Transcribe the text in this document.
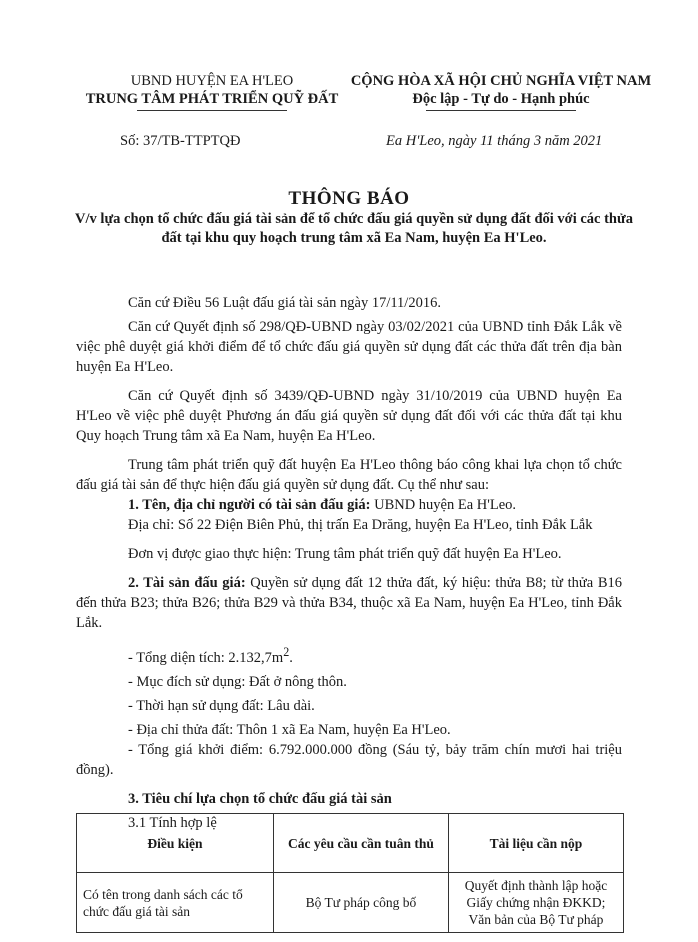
UBND HUYỆN EA H'LEO
TRUNG TÂM PHÁT TRIỂN QUỸ ĐẤT
CỘNG HÒA XÃ HỘI CHỦ NGHĨA VIỆT NAM
Độc lập - Tự do - Hạnh phúc
Số: 37/TB-TTPTQĐ	Ea H'Leo, ngày 11 tháng 3 năm 2021
THÔNG BÁO
V/v lựa chọn tổ chức đấu giá tài sản để tổ chức đấu giá quyền sử dụng đất đối với các thửa đất tại khu quy hoạch trung tâm xã Ea Nam, huyện Ea H'Leo.

Căn cứ Điều 56 Luật đấu giá tài sản ngày 17/11/2016.

Căn cứ Quyết định số 298/QĐ-UBND ngày 03/02/2021 của UBND tỉnh Đắk Lắk về việc phê duyệt giá khởi điểm để tổ chức đấu giá quyền sử dụng đất các thửa đất trên địa bàn huyện Ea H'Leo.

Căn cứ Quyết định số 3439/QĐ-UBND ngày 31/10/2019 của UBND huyện Ea H'Leo về việc phê duyệt Phương án đấu giá quyền sử dụng đất đối với các thửa đất tại khu Quy hoạch Trung tâm xã Ea Nam, huyện Ea H'Leo.

Trung tâm phát triển quỹ đất huyện Ea H'Leo thông báo công khai lựa chọn tổ chức đấu giá tài sản để thực hiện đấu giá quyền sử dụng đất. Cụ thể như sau:

1. Tên, địa chỉ người có tài sản đấu giá: UBND huyện Ea H'Leo.

Địa chỉ: Số 22 Điện Biên Phủ, thị trấn Ea Drăng, huyện Ea H'Leo, tỉnh Đắk Lắk

Đơn vị được giao thực hiện: Trung tâm phát triển quỹ đất huyện Ea H'Leo.

2. Tài sản đấu giá: Quyền sử dụng đất 12 thửa đất, ký hiệu: thửa B8; từ thửa B16 đến thửa B23; thửa B26; thửa B29 và thửa B34, thuộc xã Ea Nam, huyện Ea H'Leo, tỉnh Đắk Lắk.

- Tổng diện tích: $2.132,7m^2$.

- Mục đích sử dụng: Đất ở nông thôn.

- Thời hạn sử dụng đất: Lâu dài.

- Địa chỉ thửa đất: Thôn 1 xã Ea Nam, huyện Ea H'Leo.

- Tổng giá khởi điểm: 6.792.000.000 đồng (Sáu tỷ, bảy trăm chín mươi hai triệu đồng).

3. Tiêu chí lựa chọn tổ chức đấu giá tài sản

3.1 Tính hợp lệ

Điều kiện	Các yêu cầu cần tuân thủ	Tài liệu cần nộp
Có tên trong danh sách các tổ chức đấu giá tài sản	Bộ Tư pháp công bố	Quyết định thành lập hoặc Giấy chứng nhận ĐKKD; Văn bản của Bộ Tư pháp
